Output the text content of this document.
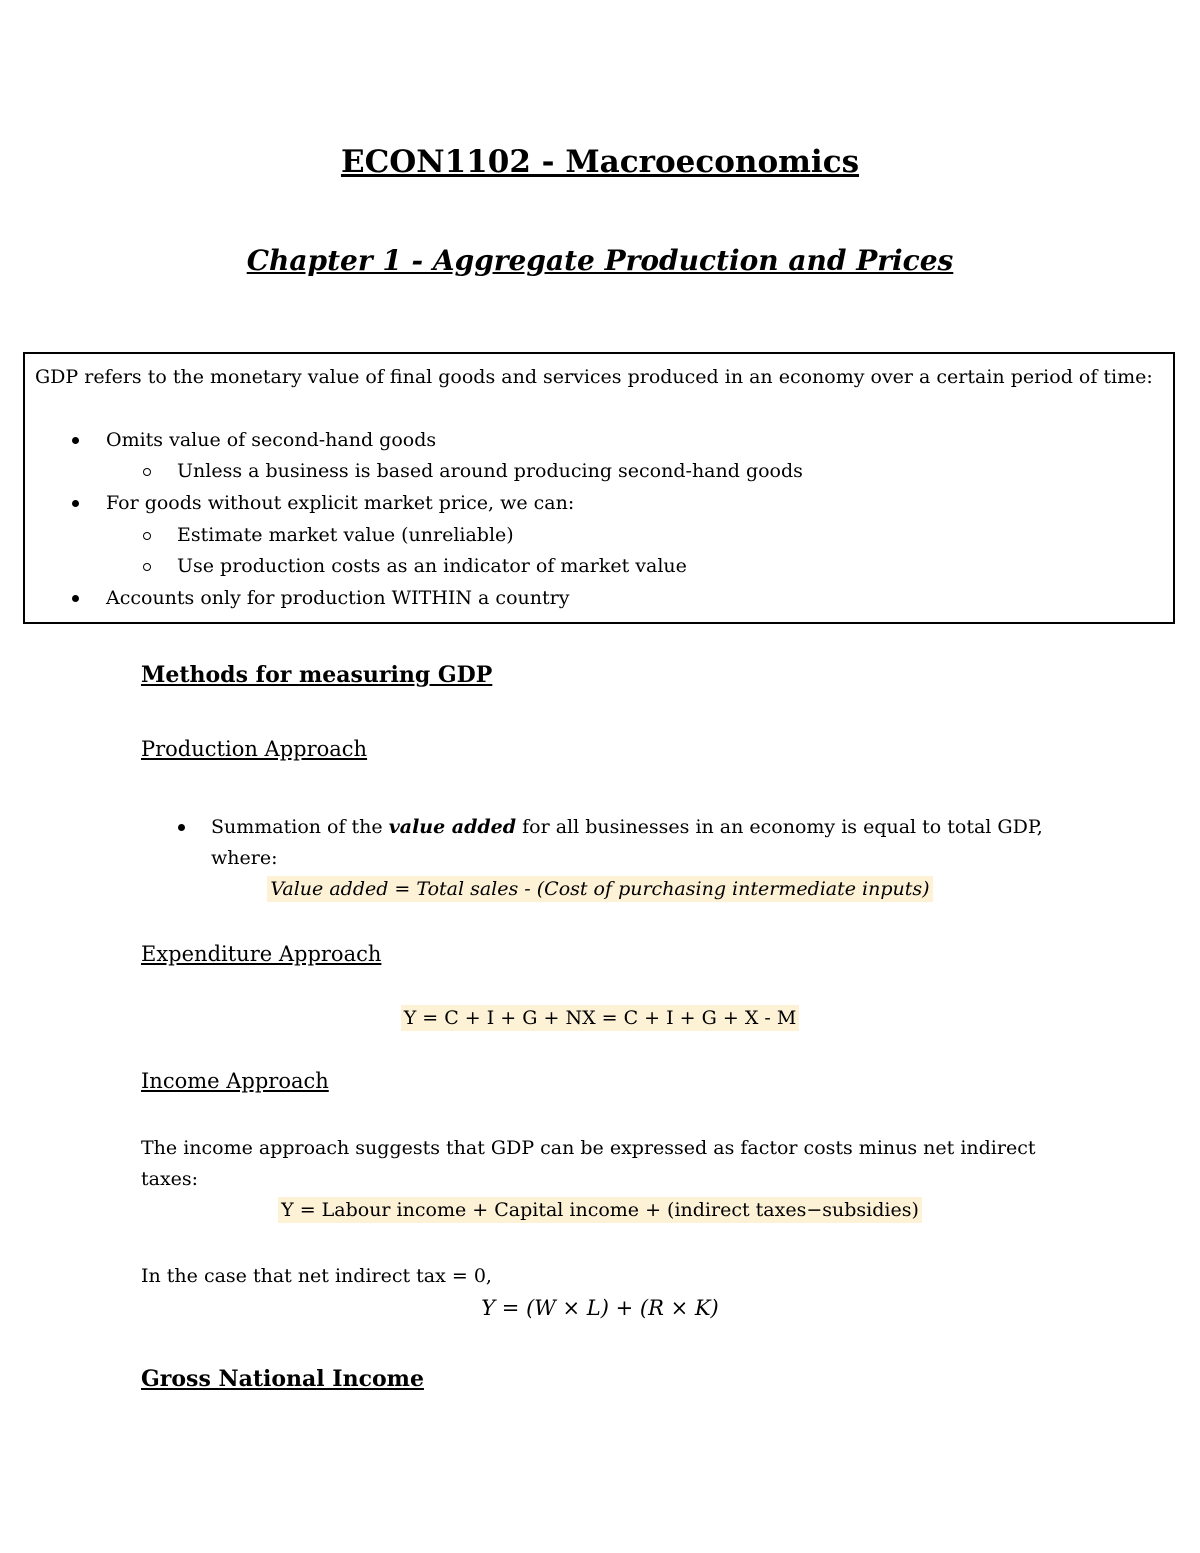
ECON1102 - Macroeconomics
Chapter 1 - Aggregate Production and Prices
GDP refers to the monetary value of final goods and services produced in an economy over a certain period of time:
Omits value of second-hand goods
Unless a business is based around producing second-hand goods
For goods without explicit market price, we can:
Estimate market value (unreliable)
Use production costs as an indicator of market value
Accounts only for production WITHIN a country
Methods for measuring GDP
Production Approach
Summation of the value added for all businesses in an economy is equal to total GDP,
where:
Value added = Total sales - (Cost of purchasing intermediate inputs)
Expenditure Approach
Y = C + I + G + NX = C + I + G + X - M
Income Approach
The income approach suggests that GDP can be expressed as factor costs minus net indirect
taxes:
Y = Labour income + Capital income + (indirect taxes−subsidies)
In the case that net indirect tax = 0,
Y = (W × L) + (R × K)
Gross National Income
